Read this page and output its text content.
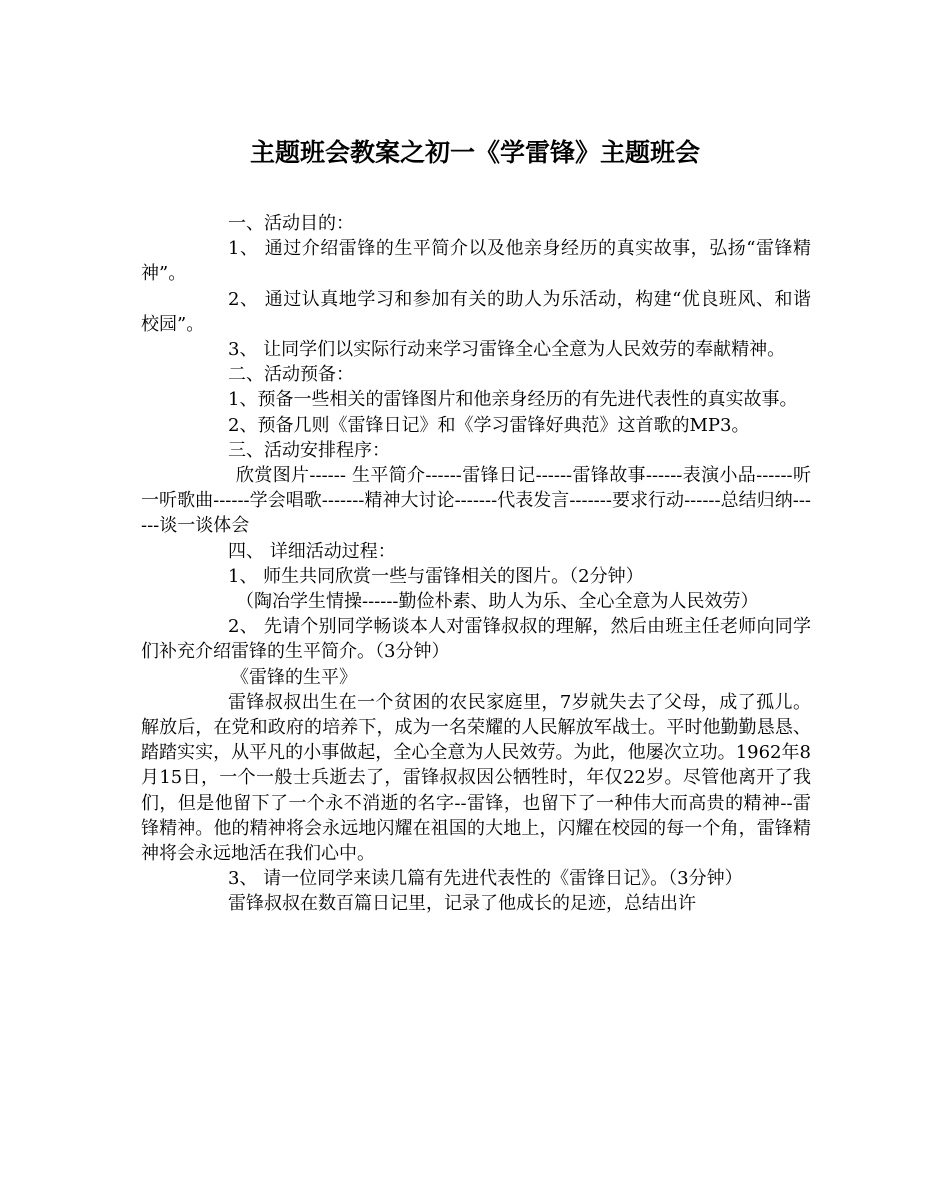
主题班会教案之初一《学雷锋》主题班会

一、活动目的：

1、 通过介绍雷锋的生平简介以及他亲身经历的真实故事，弘扬“雷锋精神”。

2、 通过认真地学习和参加有关的助人为乐活动，构建“优良班风、和谐校园”。

3、 让同学们以实际行动来学习雷锋全心全意为人民效劳的奉献精神。

二、活动预备：

1、预备一些相关的雷锋图片和他亲身经历的有先进代表性的真实故事。

2、预备几则《雷锋日记》和《学习雷锋好典范》这首歌的MP3。

三、活动安排程序：

欣赏图片------ 生平简介------雷锋日记------雷锋故事------表演小品------听一听歌曲------学会唱歌-------精神大讨论-------代表发言-------要求行动------总结归纳------谈一谈体会

四、 详细活动过程：

1、 师生共同欣赏一些与雷锋相关的图片。（2分钟）

（陶冶学生情操------勤俭朴素、助人为乐、全心全意为人民效劳）

2、 先请个别同学畅谈本人对雷锋叔叔的理解，然后由班主任老师向同学们补充介绍雷锋的生平简介。（3分钟）

《雷锋的生平》

雷锋叔叔出生在一个贫困的农民家庭里，7岁就失去了父母，成了孤儿。解放后，在党和政府的培养下，成为一名荣耀的人民解放军战士。平时他勤勤恳恳、踏踏实实，从平凡的小事做起，全心全意为人民效劳。为此，他屡次立功。1962年8月15日，一个一般士兵逝去了，雷锋叔叔因公牺牲时，年仅22岁。尽管他离开了我们，但是他留下了一个永不消逝的名字--雷锋，也留下了一种伟大而高贵的精神--雷锋精神。他的精神将会永远地闪耀在祖国的大地上，闪耀在校园的每一个角，雷锋精神将会永远地活在我们心中。

3、 请一位同学来读几篇有先进代表性的《雷锋日记》。（3分钟）

雷锋叔叔在数百篇日记里，记录了他成长的足迹，总结出许
